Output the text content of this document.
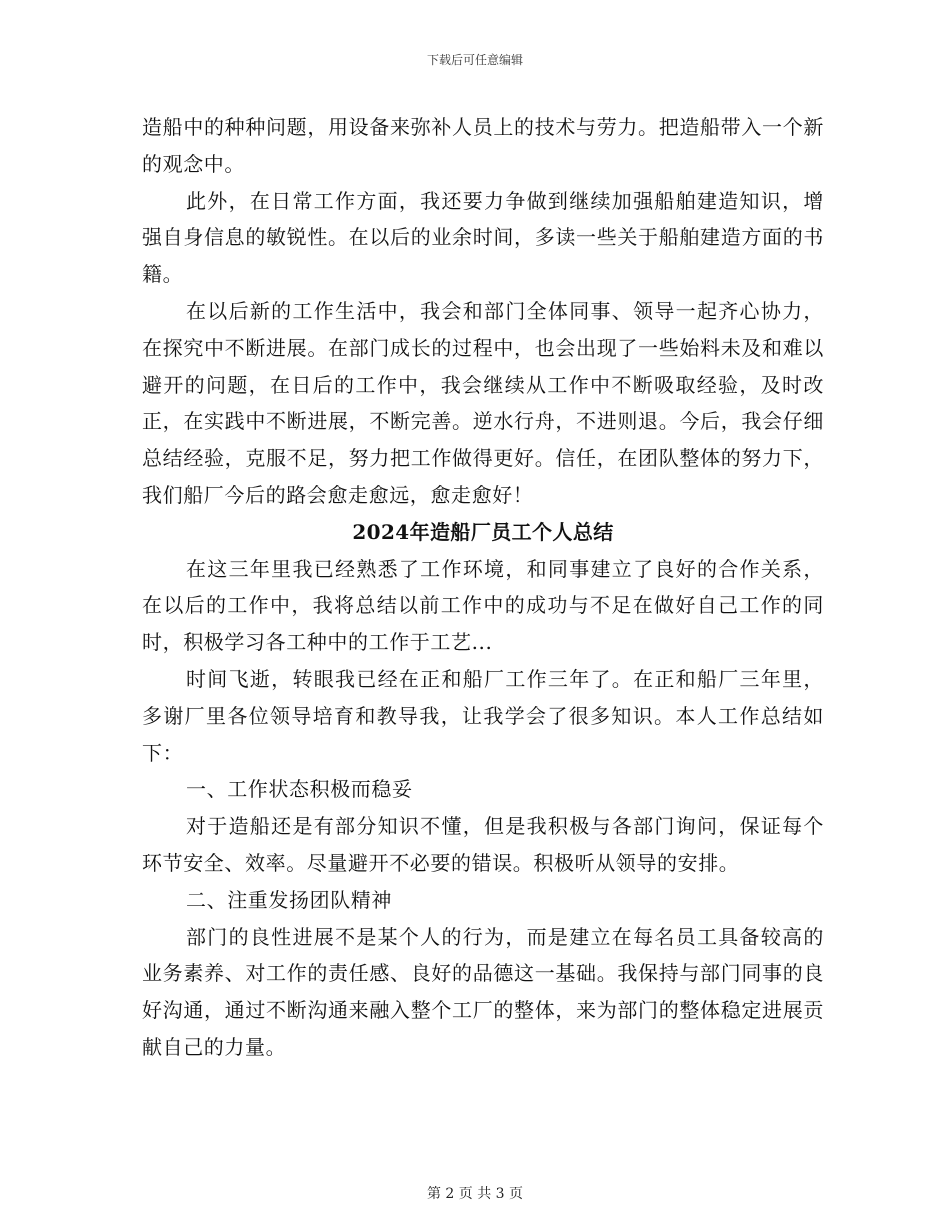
下载后可任意编辑

造船中的种种问题，用设备来弥补人员上的技术与劳力。把造船带入一个新的观念中。

此外，在日常工作方面，我还要力争做到继续加强船舶建造知识，增强自身信息的敏锐性。在以后的业余时间，多读一些关于船舶建造方面的书籍。

在以后新的工作生活中，我会和部门全体同事、领导一起齐心协力，在探究中不断进展。在部门成长的过程中，也会出现了一些始料未及和难以避开的问题，在日后的工作中，我会继续从工作中不断吸取经验，及时改正，在实践中不断进展，不断完善。逆水行舟，不进则退。今后，我会仔细总结经验，克服不足，努力把工作做得更好。信任，在团队整体的努力下，我们船厂今后的路会愈走愈远，愈走愈好！

2024年造船厂员工个人总结

在这三年里我已经熟悉了工作环境，和同事建立了良好的合作关系，在以后的工作中，我将总结以前工作中的成功与不足在做好自己工作的同时，积极学习各工种中的工作于工艺...

时间飞逝，转眼我已经在正和船厂工作三年了。在正和船厂三年里，多谢厂里各位领导培育和教导我，让我学会了很多知识。本人工作总结如下：

一、工作状态积极而稳妥

对于造船还是有部分知识不懂，但是我积极与各部门询问，保证每个环节安全、效率。尽量避开不必要的错误。积极听从领导的安排。

二、注重发扬团队精神

部门的良性进展不是某个人的行为，而是建立在每名员工具备较高的业务素养、对工作的责任感、良好的品德这一基础。我保持与部门同事的良好沟通，通过不断沟通来融入整个工厂的整体，来为部门的整体稳定进展贡献自己的力量。

第 2 页 共 3 页
